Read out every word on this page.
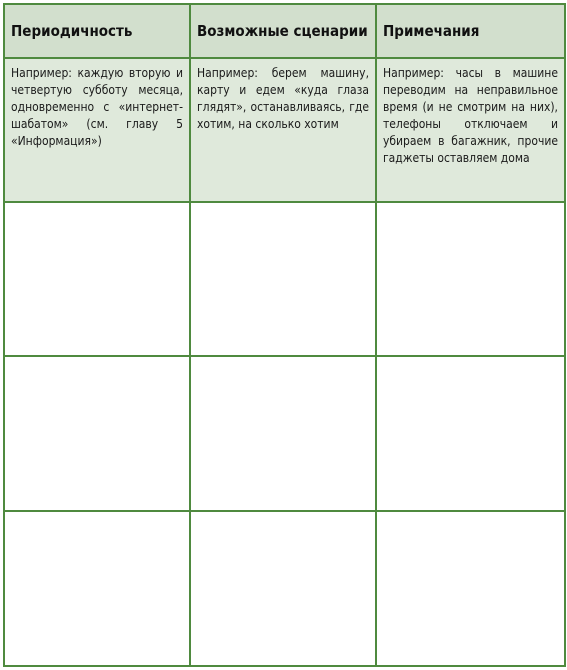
Периодичность	Возможные сценарии	Примечания

Например: каждую вторую и четвертую субботу месяца, одновременно с «интернет-шабатом» (см. главу 5 «Информация»)	Например: берем машину, карту и едем «куда глаза глядят», останавливаясь, где хотим, на сколько хотим	Например: часы в машине переводим на неправильное время (и не смотрим на них), телефоны отключаем и убираем в багажник, прочие гаджеты оставляем дома
